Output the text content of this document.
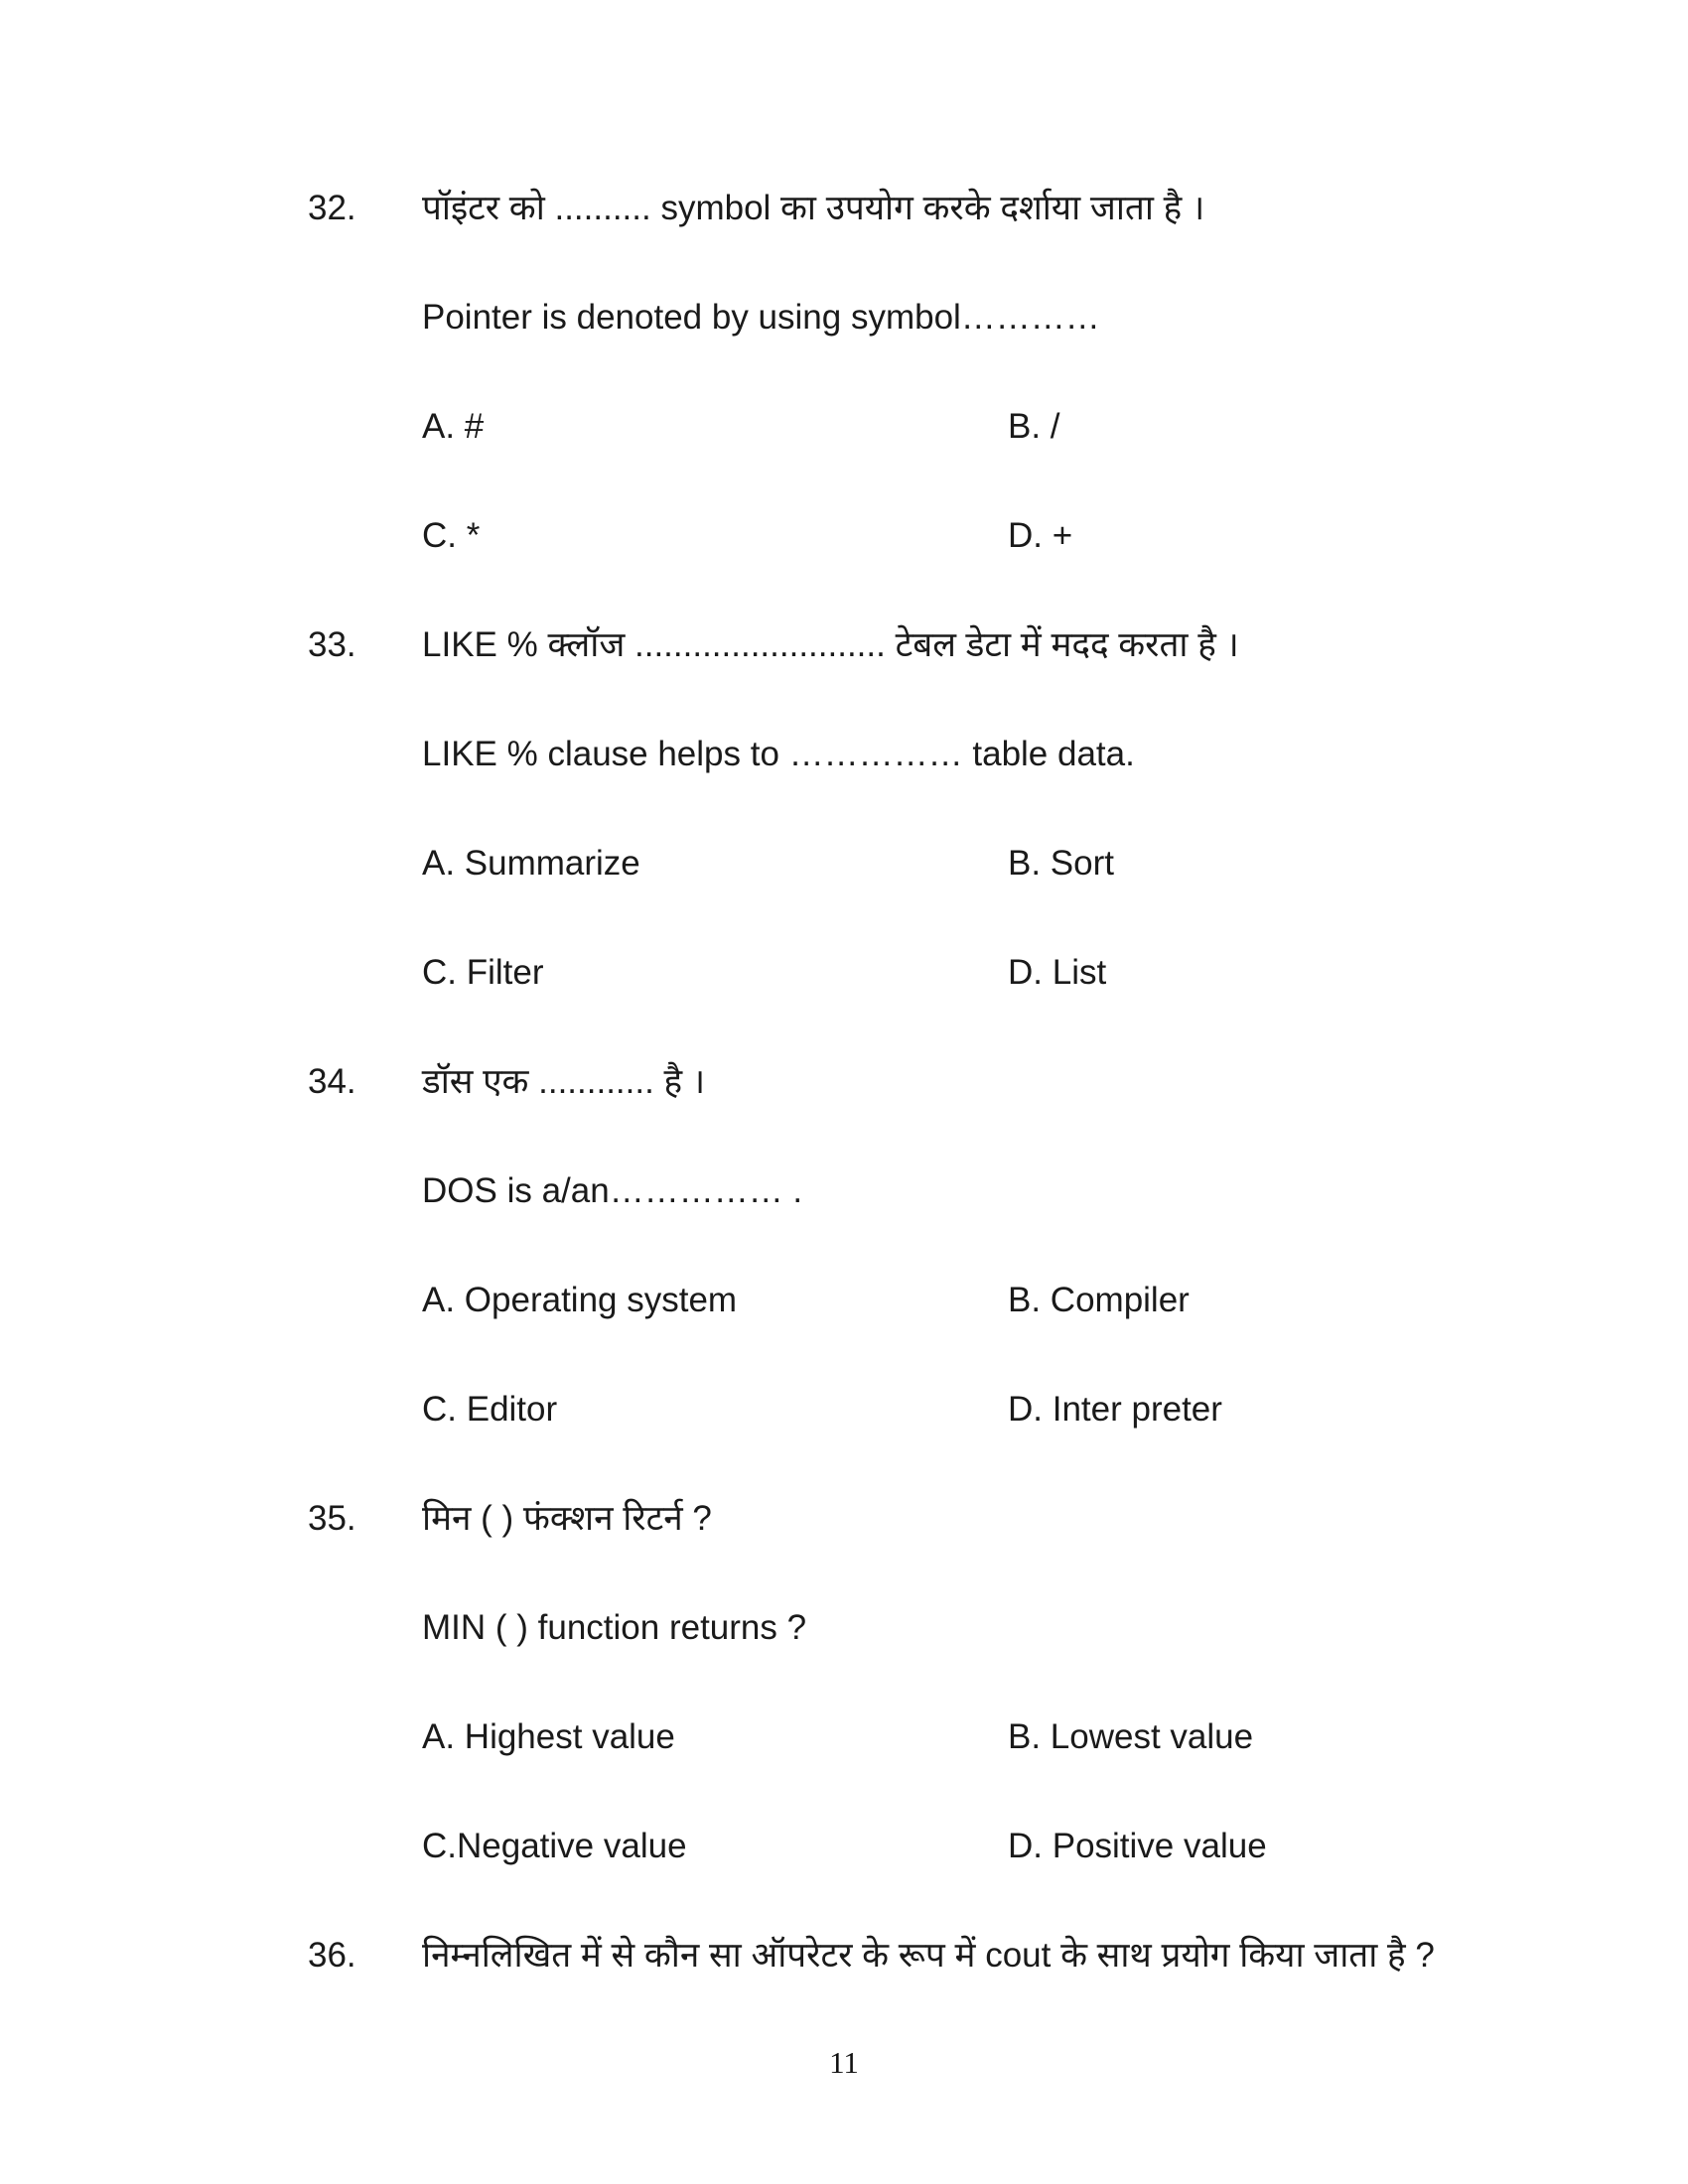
32. पॉइंटर को .......... symbol का उपयोग करके दर्शाया जाता है ।
Pointer is denoted by using symbol…………
A. #	B. /
C. *	D. +
33. LIKE % क्लॉज .......................... टेबल डेटा में मदद करता है ।
LIKE % clause helps to …………… table data.
A. Summarize	B. Sort
C. Filter	D. List
34. डॉस एक ............ है ।
DOS is a/an…………… .
A. Operating system	B. Compiler
C. Editor	D. Inter preter
35. मिन ( ) फंक्शन रिटर्न ?
MIN ( ) function returns ?
A. Highest value	B. Lowest value
C.Negative value	D. Positive value
36. निम्नलिखित में से कौन सा ऑपरेटर के रूप में cout के साथ प्रयोग किया जाता है ?
11
